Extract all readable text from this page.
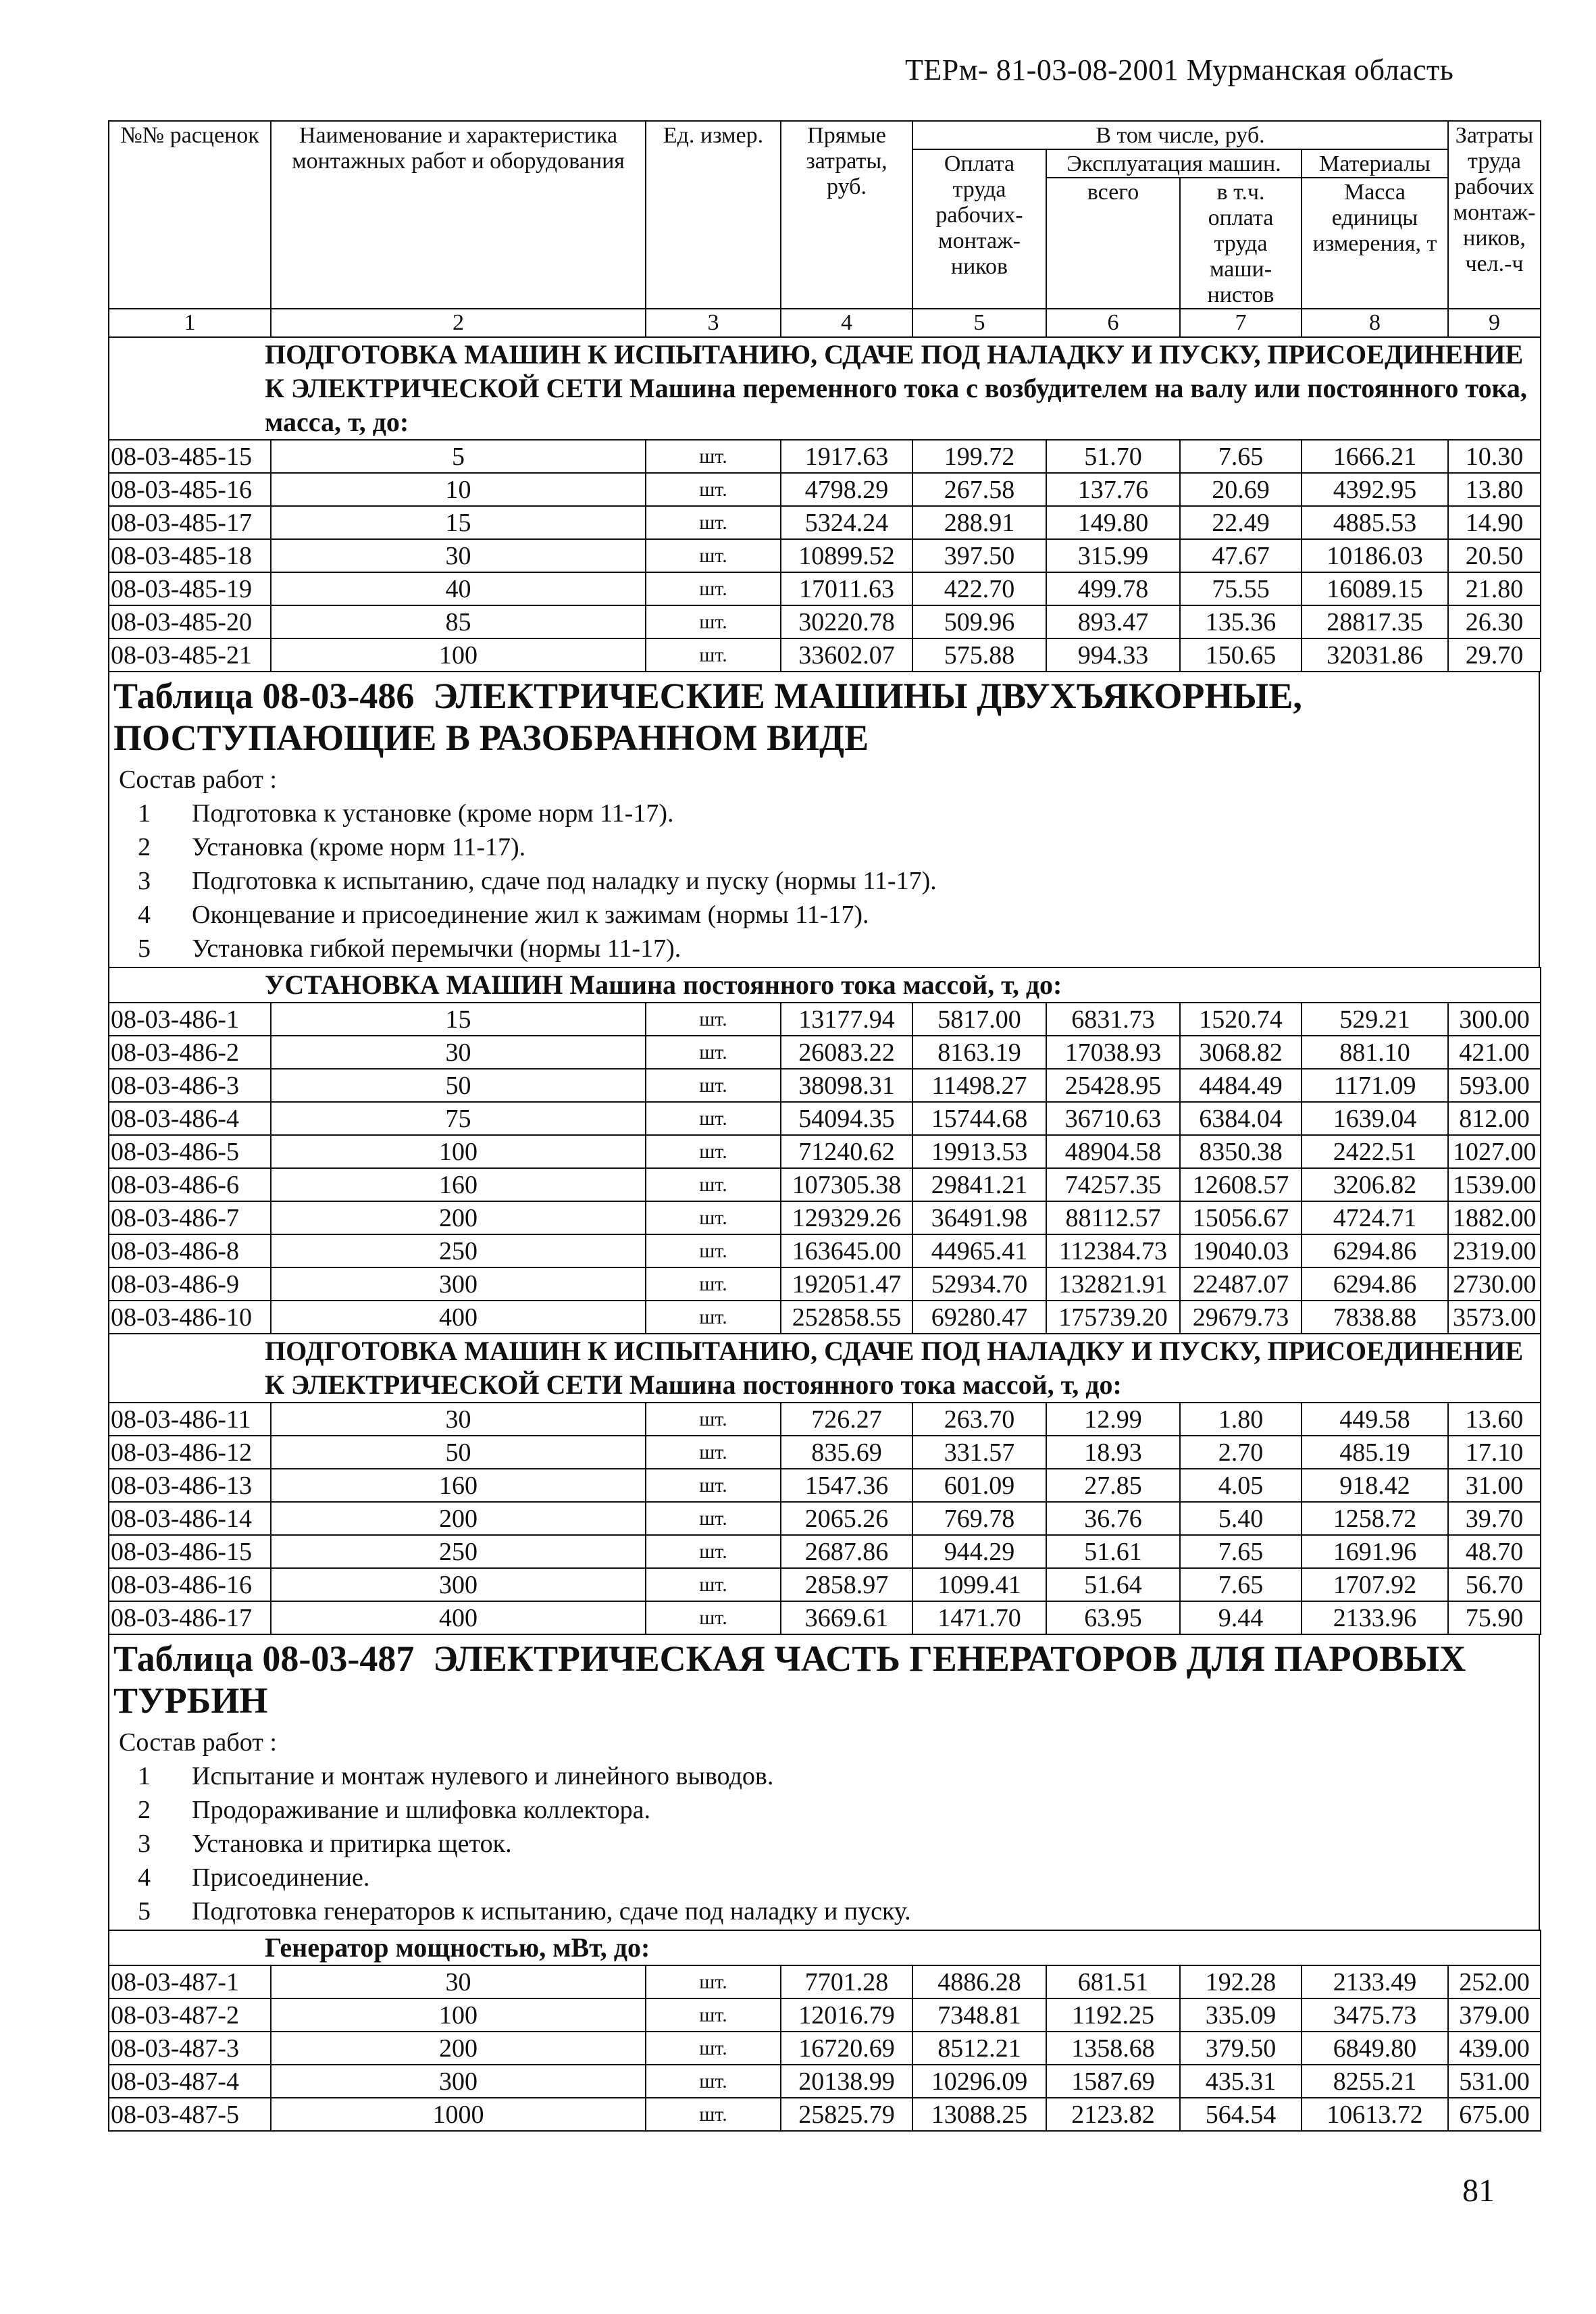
ТЕРм- 81-03-08-2001 Мурманская область
№№ расценок	Наименование и характеристика монтажных работ и оборудования	Ед. измер.	Прямые затраты, руб.	В том числе, руб.				Затраты труда рабочих монтаж-ников, чел.-ч
				Оплата труда рабочих-монтаж-ников	Эксплуатация машин.		Материалы	
					всего	в т.ч. оплата труда маши-нистов	Масса единицы измерения, т	
1	2	3	4	5	6	7	8	9
ПОДГОТОВКА МАШИН К ИСПЫТАНИЮ, СДАЧЕ ПОД НАЛАДКУ И ПУСКУ, ПРИСОЕДИНЕНИЕ К ЭЛЕКТРИЧЕСКОЙ СЕТИ Машина переменного тока с возбудителем на валу или постоянного тока, масса, т, до:								
08-03-485-15	5	шт.	1917.63	199.72	51.70	7.65	1666.21	10.30
08-03-485-16	10	шт.	4798.29	267.58	137.76	20.69	4392.95	13.80
08-03-485-17	15	шт.	5324.24	288.91	149.80	22.49	4885.53	14.90
08-03-485-18	30	шт.	10899.52	397.50	315.99	47.67	10186.03	20.50
08-03-485-19	40	шт.	17011.63	422.70	499.78	75.55	16089.15	21.80
08-03-485-20	85	шт.	30220.78	509.96	893.47	135.36	28817.35	26.30
08-03-485-21	100	шт.	33602.07	575.88	994.33	150.65	32031.86	29.70
Таблица 08-03-486 ЭЛЕКТРИЧЕСКИЕ МАШИНЫ ДВУХЪЯКОРНЫЕ, ПОСТУПАЮЩИЕ В РАЗОБРАННОМ ВИДЕ
Состав работ :
1	Подготовка к установке (кроме норм 11-17).
2	Установка (кроме норм 11-17).
3	Подготовка к испытанию, сдаче под наладку и пуску (нормы 11-17).
4	Оконцевание и присоединение жил к зажимам (нормы 11-17).
5	Установка гибкой перемычки (нормы 11-17).
УСТАНОВКА МАШИН Машина постоянного тока массой, т, до:								
08-03-486-1	15	шт.	13177.94	5817.00	6831.73	1520.74	529.21	300.00
08-03-486-2	30	шт.	26083.22	8163.19	17038.93	3068.82	881.10	421.00
08-03-486-3	50	шт.	38098.31	11498.27	25428.95	4484.49	1171.09	593.00
08-03-486-4	75	шт.	54094.35	15744.68	36710.63	6384.04	1639.04	812.00
08-03-486-5	100	шт.	71240.62	19913.53	48904.58	8350.38	2422.51	1027.00
08-03-486-6	160	шт.	107305.38	29841.21	74257.35	12608.57	3206.82	1539.00
08-03-486-7	200	шт.	129329.26	36491.98	88112.57	15056.67	4724.71	1882.00
08-03-486-8	250	шт.	163645.00	44965.41	112384.73	19040.03	6294.86	2319.00
08-03-486-9	300	шт.	192051.47	52934.70	132821.91	22487.07	6294.86	2730.00
08-03-486-10	400	шт.	252858.55	69280.47	175739.20	29679.73	7838.88	3573.00
ПОДГОТОВКА МАШИН К ИСПЫТАНИЮ, СДАЧЕ ПОД НАЛАДКУ И ПУСКУ, ПРИСОЕДИНЕНИЕ К ЭЛЕКТРИЧЕСКОЙ СЕТИ Машина постоянного тока массой, т, до:								
08-03-486-11	30	шт.	726.27	263.70	12.99	1.80	449.58	13.60
08-03-486-12	50	шт.	835.69	331.57	18.93	2.70	485.19	17.10
08-03-486-13	160	шт.	1547.36	601.09	27.85	4.05	918.42	31.00
08-03-486-14	200	шт.	2065.26	769.78	36.76	5.40	1258.72	39.70
08-03-486-15	250	шт.	2687.86	944.29	51.61	7.65	1691.96	48.70
08-03-486-16	300	шт.	2858.97	1099.41	51.64	7.65	1707.92	56.70
08-03-486-17	400	шт.	3669.61	1471.70	63.95	9.44	2133.96	75.90
Таблица 08-03-487 ЭЛЕКТРИЧЕСКАЯ ЧАСТЬ ГЕНЕРАТОРОВ ДЛЯ ПАРОВЫХ ТУРБИН
Состав работ :
1	Испытание и монтаж нулевого и линейного выводов.
2	Продораживание и шлифовка коллектора.
3	Установка и притирка щеток.
4	Присоединение.
5	Подготовка генераторов к испытанию, сдаче под наладку и пуску.
Генератор мощностью, мВт, до:								
08-03-487-1	30	шт.	7701.28	4886.28	681.51	192.28	2133.49	252.00
08-03-487-2	100	шт.	12016.79	7348.81	1192.25	335.09	3475.73	379.00
08-03-487-3	200	шт.	16720.69	8512.21	1358.68	379.50	6849.80	439.00
08-03-487-4	300	шт.	20138.99	10296.09	1587.69	435.31	8255.21	531.00
08-03-487-5	1000	шт.	25825.79	13088.25	2123.82	564.54	10613.72	675.00
81
